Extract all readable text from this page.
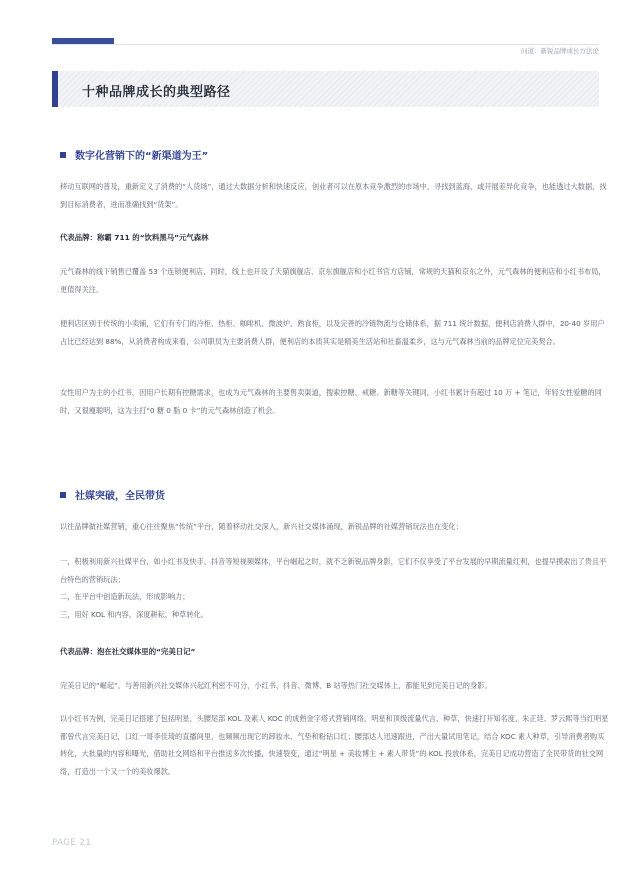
问道：新锐品牌成长方法论
十种品牌成长的典型路径
数字化营销下的“新渠道为王”
移动互联网的普及，重新定义了消费的“人货场”，通过大数据分析和快速反应，创业者可以在原本竞争激烈的市场中，寻找到蓝海，或开展差异化竞争，也能透过大数据，找到目标消费者，进而准确找到“货架”。
代表品牌：称霸 711 的“饮料黑马”元气森林
元气森林的线下销售已覆盖 53 个连锁便利店，同时，线上也开设了天猫旗舰店、京东旗舰店和小红书官方店铺，常规的天猫和京东之外，元气森林的便利店和小红书布局，更值得关注。
便利店区别于传统的小卖铺，它们有专门的冷柜、热柜、咖啡机、微波炉、熟食柜，以及完善的冷链物流与仓储体系，据 711 统计数据，便利店消费人群中，20-40 岁用户占比已经达到 88%，从消费者构成来看，公司职员为主要消费人群，便利店的本质其实是精美生活站和社畜温柔乡，这与元气森林当前的品牌定位完美契合。
女性用户为主的小红书，因用户长期有控糖需求，也成为元气森林的主要售卖渠道，搜索控糖、戒糖、新糖等关键词，小红书累计有超过 10 万 + 笔记，年轻女性爱糖的同时，又很瘦聪明，这为主打“0 糖 0 脂 0 卡”的元气森林创造了机会。
社媒突破，全民带货
以往品牌做社媒营销，重心往往聚焦“传统”平台，随着移动社交深入，新兴社交媒体涌现，新锐品牌的社媒营销玩法也在变化：
一，积极利用新兴社媒平台，如小红书及快手、抖音等短视频媒体，平台崛起之时，就不乏新锐品牌身影，它们不仅享受了平台发展的早期流量红利，也提早摸索出了贵且平台特色的营销玩法；
二，在平台中创造新玩法，形成影响力；
三，用好 KOL 和内容，深度耕耘，种草转化。
代表品牌：泡在社交媒体里的“完美日记”
完美日记的“崛起”，与善用新兴社交媒体兴起红利密不可分，小红书、抖音、微博、B 站等热门社交媒体上，都能见到完美日记的身影。
以小红书为例，完美日记搭建了包括明星、头腰尾部 KOL 及素人 KOC 的成熟金字塔式营销网络，明星和顶级流量代言、种草，快速打开知名度，朱正廷、罗云熙等当红明星都曾代言完美日记，口红一哥李佳琦的直播间里，也频频出现它的卸妆水、气垫和粉钻口红；腰部达人迅速跟进，产出大量试用笔记，结合 KOC 素人种草，引导消费者购买转化，大批量的内容和曝光，借助社交网络和平台推送多次传播，快速裂变，通过“明星 + 美妆博主 + 素人带货”的 KOL 投放体系，完美日记成功营造了全民带货的社交网络，打造出一个又一个的美妆爆款。
PAGE 21
